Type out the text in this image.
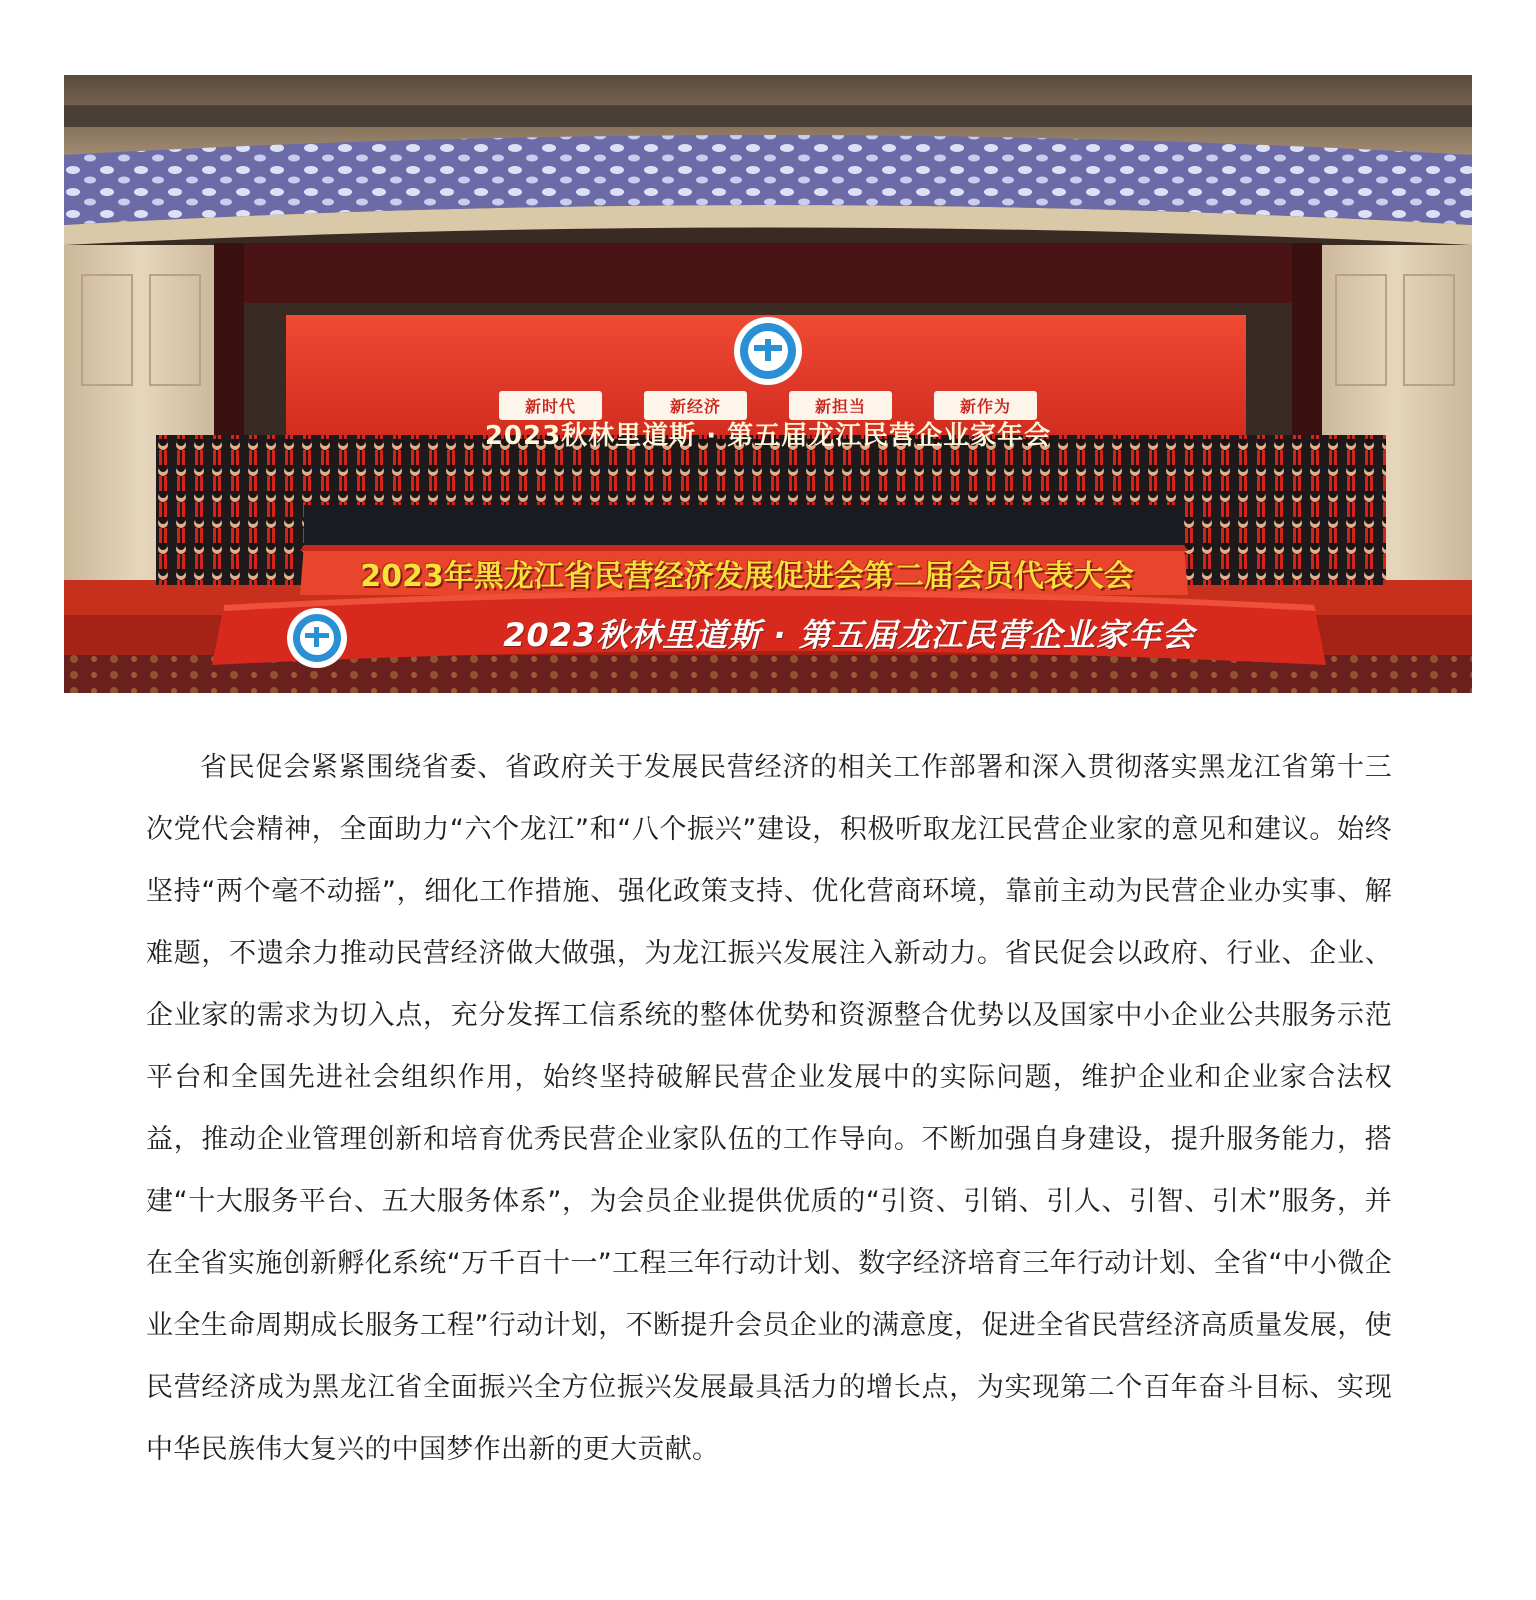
新时代	新经济	新担当	新作为
2023秋林里道斯 · 第五届龙江民营企业家年会
2023年黑龙江省民营经济发展促进会第二届会员代表大会
2023秋林里道斯 · 第五届龙江民营企业家年会

省民促会紧紧围绕省委、省政府关于发展民营经济的相关工作部署和深入贯彻落实黑龙江省第十三次党代会精神，全面助力“六个龙江”和“八个振兴”建设，积极听取龙江民营企业家的意见和建议。始终坚持“两个毫不动摇”，细化工作措施、强化政策支持、优化营商环境，靠前主动为民营企业办实事、解难题，不遗余力推动民营经济做大做强，为龙江振兴发展注入新动力。省民促会以政府、行业、企业、企业家的需求为切入点，充分发挥工信系统的整体优势和资源整合优势以及国家中小企业公共服务示范平台和全国先进社会组织作用，始终坚持破解民营企业发展中的实际问题，维护企业和企业家合法权益，推动企业管理创新和培育优秀民营企业家队伍的工作导向。不断加强自身建设，提升服务能力，搭建“十大服务平台、五大服务体系”，为会员企业提供优质的“引资、引销、引人、引智、引术”服务，并在全省实施创新孵化系统“万千百十一”工程三年行动计划、数字经济培育三年行动计划、全省“中小微企业全生命周期成长服务工程”行动计划，不断提升会员企业的满意度，促进全省民营经济高质量发展，使民营经济成为黑龙江省全面振兴全方位振兴发展最具活力的增长点，为实现第二个百年奋斗目标、实现中华民族伟大复兴的中国梦作出新的更大贡献。
